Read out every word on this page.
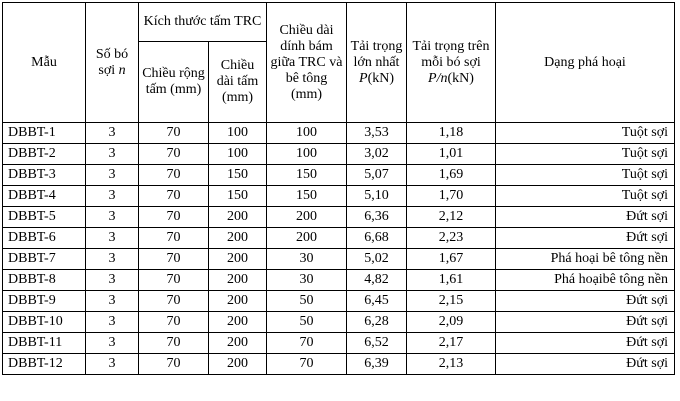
Mẫu	Số bó sợi n	Kích thước tấm TRC		Chiều dài dính bám giữa TRC và bê tông (mm)	Tải trọng lớn nhất P(kN)	Tải trọng trên mỗi bó sợi P/n(kN)	Dạng phá hoại
		Chiều rộng tấm (mm)	Chiều dài tấm (mm)				
DBBT-1	3	70	100	100	3,53	1,18	Tuột sợi
DBBT-2	3	70	100	100	3,02	1,01	Tuột sợi
DBBT-3	3	70	150	150	5,07	1,69	Tuột sợi
DBBT-4	3	70	150	150	5,10	1,70	Tuột sợi
DBBT-5	3	70	200	200	6,36	2,12	Đứt sợi
DBBT-6	3	70	200	200	6,68	2,23	Đứt sợi
DBBT-7	3	70	200	30	5,02	1,67	Phá hoại bê tông nền
DBBT-8	3	70	200	30	4,82	1,61	Phá hoạibê tông nền
DBBT-9	3	70	200	50	6,45	2,15	Đứt sợi
DBBT-10	3	70	200	50	6,28	2,09	Đứt sợi
DBBT-11	3	70	200	70	6,52	2,17	Đứt sợi
DBBT-12	3	70	200	70	6,39	2,13	Đứt sợi
